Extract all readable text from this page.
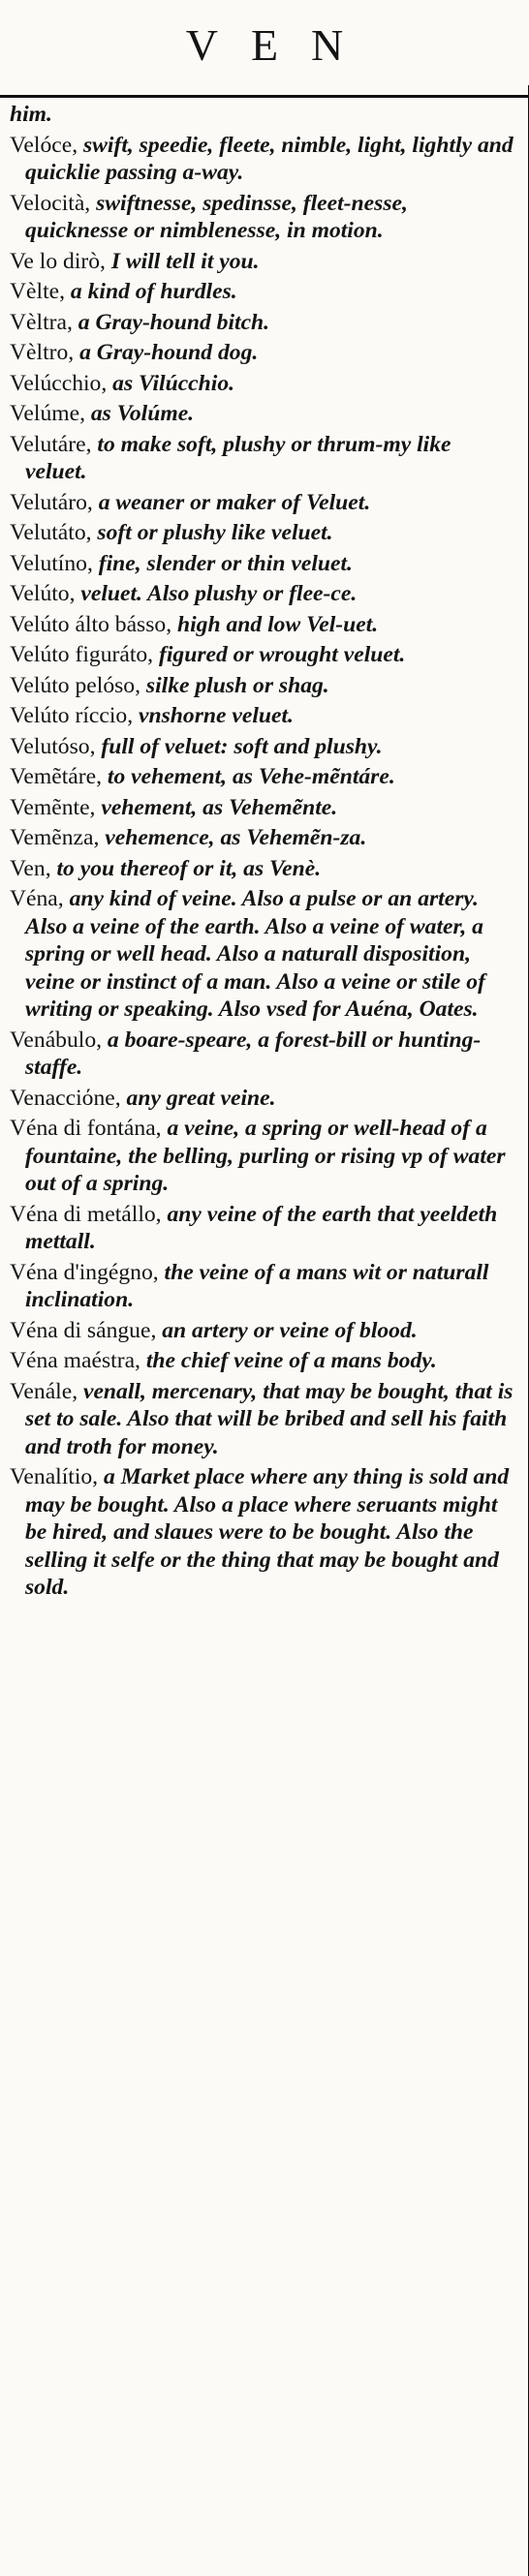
VEN
him.
Velóce, swift, speedie, fleete, nimble, light, lightly and quicklie passing a-way.
Velocità, swiftnesse, spedinsse, fleet-nesse, quicknesse or nimblenesse, in motion.
Ve lo dirò, I will tell it you.
Vèlte, a kind of hurdles.
Vèltra, a Gray-hound bitch.
Vèltro, a Gray-hound dog.
Velúcchio, as Vilúcchio.
Velúme, as Volúme.
Velutáre, to make soft, plushy or thrum-my like veluet.
Velutáro, a weaner or maker of Veluet.
Velutáto, soft or plushy like veluet.
Velutíno, fine, slender or thin veluet.
Velúto, veluet. Also plushy or flee-ce.
Velúto álto bássо, high and low Vel-uet.
Velúto figuráto, figured or wrought veluet.
Velúto pelóso, silke plush or shag.
Velúto ríccio, vnshorne veluet.
Velutóso, full of veluet: soft and plushy.
Vemẽtáre, to vehement, as Vehe-mẽntáre.
Vemẽnte, vehement, as Vehemẽnte.
Vemẽnza, vehemence, as Vehemẽn-za.
Ven, to you thereof or it, as Venè.
Véna, any kind of veine. Also a pulse or an artery. Also a veine of the earth. Also a veine of water, a spring or well head. Also a naturall disposition, veine or instinct of a man. Also a veine or stile of writing or speaking. Also vsed for Auéna, Oates.
Venábulo, a boare-speare, a forest-bill or hunting-staffe.
Venacciόne, any great veine.
Véna di fontána, a veine, a spring or well-head of a fountaine, the belling, purling or rising vp of water out of a spring.
Véna di metállo, any veine of the earth that yeeldeth mettall.
Véna d'ingégno, the veine of a mans wit or naturall inclination.
Véna di sángue, an artery or veine of blood.
Véna maéstra, the chief veine of a mans body.
Venále, venall, mercenary, that may be bought, that is set to sale. Also that will be bribed and sell his faith and troth for money.
Venalítio, a Market place where any thing is sold and may be bought. Also a place where seruants might be hired, and slaues were to be bought. Also the selling it selfe or the thing that may be bought and sold.
